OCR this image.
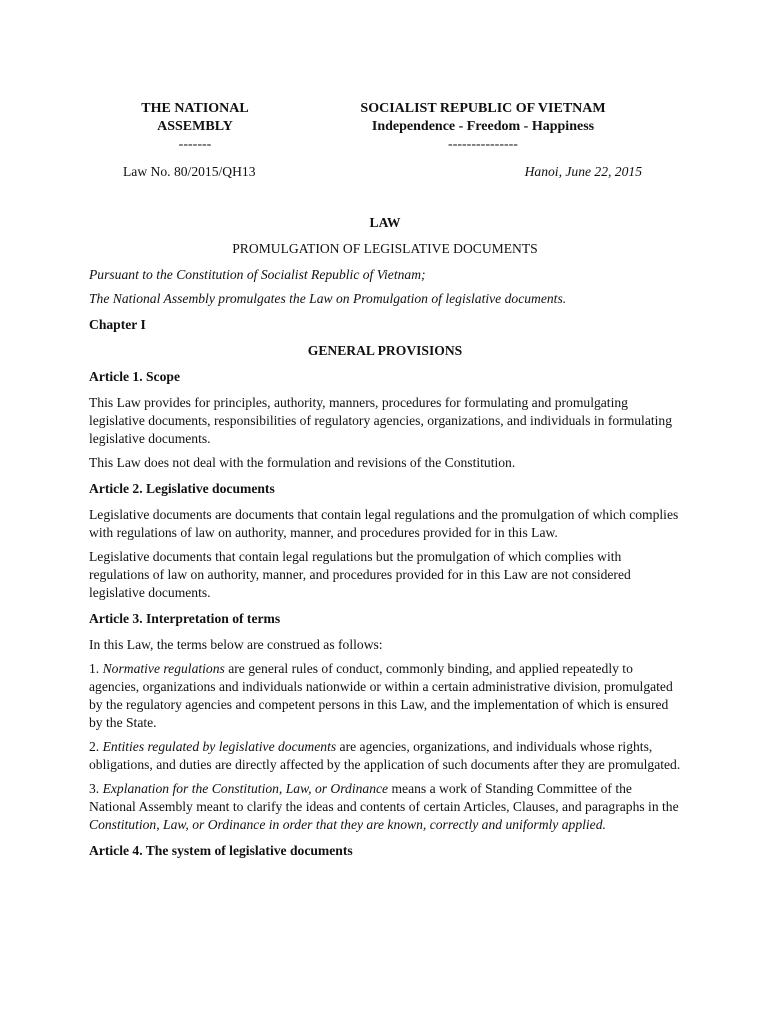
THE NATIONAL
ASSEMBLY
-------
SOCIALIST REPUBLIC OF VIETNAM
Independence - Freedom - Happiness
---------------
Law No. 80/2015/QH13	Hanoi, June 22, 2015
LAW
PROMULGATION OF LEGISLATIVE DOCUMENTS

Pursuant to the Constitution of Socialist Republic of Vietnam;

The National Assembly promulgates the Law on Promulgation of legislative documents.

Chapter I

GENERAL PROVISIONS

Article 1. Scope

This Law provides for principles, authority, manners, procedures for formulating and promulgating legislative documents, responsibilities of regulatory agencies, organizations, and individuals in formulating legislative documents.

This Law does not deal with the formulation and revisions of the Constitution.

Article 2. Legislative documents

Legislative documents are documents that contain legal regulations and the promulgation of which complies with regulations of law on authority, manner, and procedures provided for in this Law.

Legislative documents that contain legal regulations but the promulgation of which complies with regulations of law on authority, manner, and procedures provided for in this Law are not considered legislative documents.

Article 3. Interpretation of terms

In this Law, the terms below are construed as follows:

1. Normative regulations are general rules of conduct, commonly binding, and applied repeatedly to agencies, organizations and individuals nationwide or within a certain administrative division, promulgated by the regulatory agencies and competent persons in this Law, and the implementation of which is ensured by the State.

2. Entities regulated by legislative documents are agencies, organizations, and individuals whose rights, obligations, and duties are directly affected by the application of such documents after they are promulgated.

3. Explanation for the Constitution, Law, or Ordinance means a work of Standing Committee of the National Assembly meant to clarify the ideas and contents of certain Articles, Clauses, and paragraphs in the Constitution, Law, or Ordinance in order that they are known, correctly and uniformly applied.

Article 4. The system of legislative documents
